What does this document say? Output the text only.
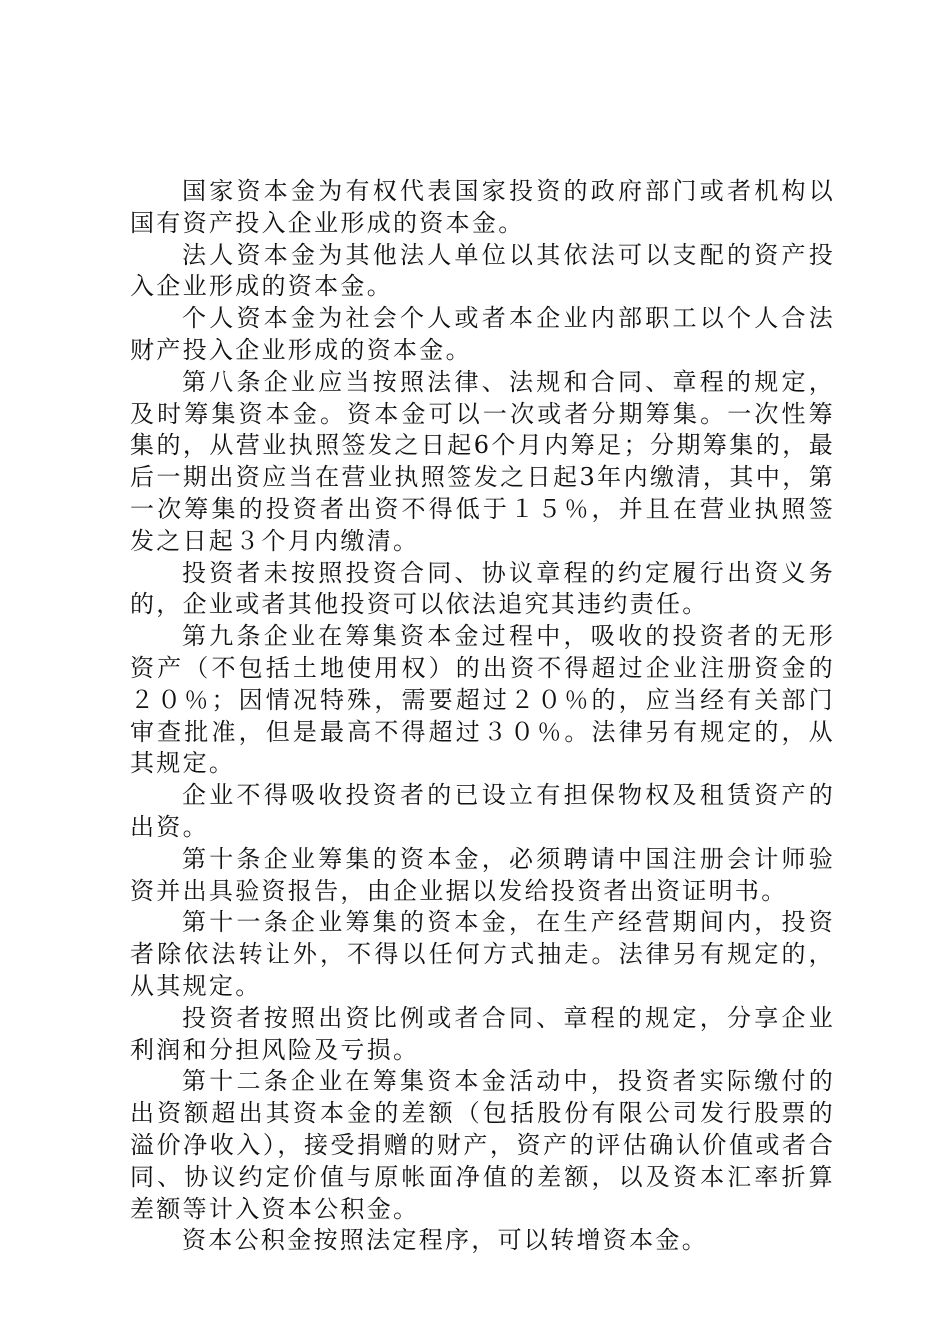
国家资本金为有权代表国家投资的政府部门或者机构以国有资产投入企业形成的资本金。

法人资本金为其他法人单位以其依法可以支配的资产投入企业形成的资本金。

个人资本金为社会个人或者本企业内部职工以个人合法财产投入企业形成的资本金。

第八条企业应当按照法律、法规和合同、章程的规定，及时筹集资本金。资本金可以一次或者分期筹集。一次性筹集的，从营业执照签发之日起6个月内筹足；分期筹集的，最后一期出资应当在营业执照签发之日起3年内缴清，其中，第一次筹集的投资者出资不得低于１５％，并且在营业执照签发之日起３个月内缴清。

投资者未按照投资合同、协议章程的约定履行出资义务的，企业或者其他投资可以依法追究其违约责任。

第九条企业在筹集资本金过程中，吸收的投资者的无形资产（不包括土地使用权）的出资不得超过企业注册资金的２０％；因情况特殊，需要超过２０％的，应当经有关部门审查批准，但是最高不得超过３０％。法律另有规定的，从其规定。

企业不得吸收投资者的已设立有担保物权及租赁资产的出资。

第十条企业筹集的资本金，必须聘请中国注册会计师验资并出具验资报告，由企业据以发给投资者出资证明书。

第十一条企业筹集的资本金，在生产经营期间内，投资者除依法转让外，不得以任何方式抽走。法律另有规定的，从其规定。

投资者按照出资比例或者合同、章程的规定，分享企业利润和分担风险及亏损。

第十二条企业在筹集资本金活动中，投资者实际缴付的出资额超出其资本金的差额（包括股份有限公司发行股票的溢价净收入），接受捐赠的财产，资产的评估确认价值或者合同、协议约定价值与原帐面净值的差额，以及资本汇率折算差额等计入资本公积金。

资本公积金按照法定程序，可以转增资本金。
